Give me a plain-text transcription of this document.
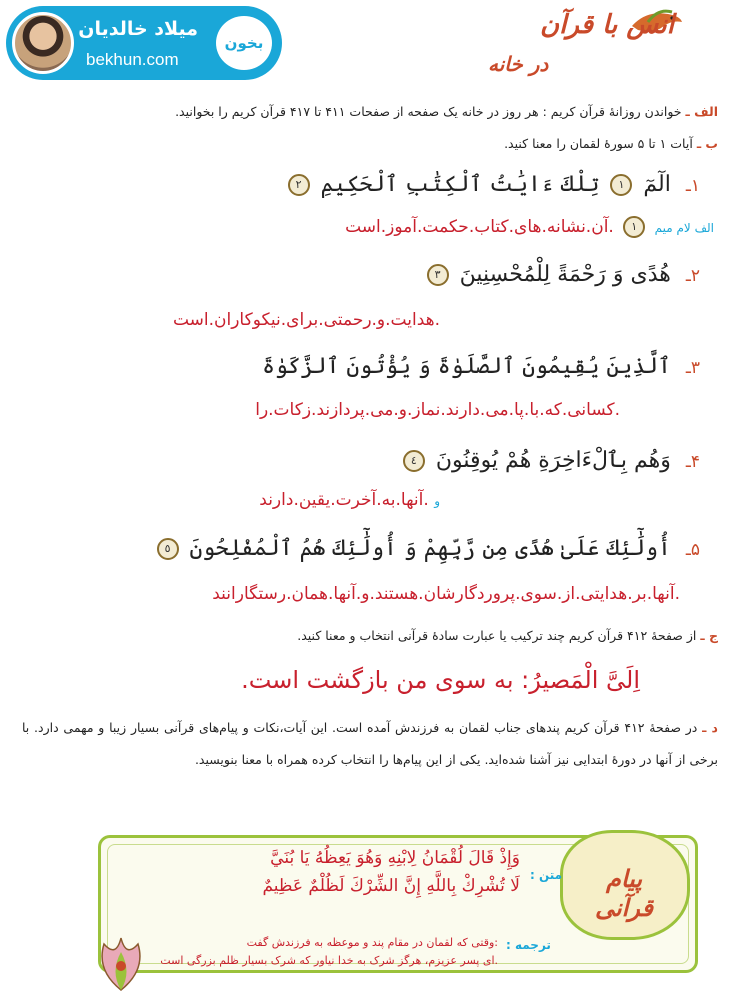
میلاد خالدیان
bekhun.com
بخون
انس با قرآن
در خانه
الف ـ خواندن روزانهٔ قرآن کریم : هر روز در خانه یک صفحه از صفحات ۴۱۱ تا ۴۱۷ قرآن کریم را بخوانید.
ب ـ آیات ۱ تا ۵ سورهٔ لقمان را معنا کنید.
۱ـ الٓمٓ ١ تِلْكَ ءَايَٰتُ ٱلْكِتَٰبِ ٱلْحَكِيمِ ٢
الف لام میم ١ .آن.نشانه.های.کتاب.حکمت.آموز.است
۲ـ هُدًى وَ رَحْمَةً لِلْمُحْسِنِينَ ٣
.هدایت.و.رحمتی.برای.نیکوکاران.است
۳ـ ٱلَّذِينَ يُقِيمُونَ ٱلصَّلَوٰةَ وَ يُؤْتُونَ ٱلزَّكَوٰةَ
.کسانی.که.با.پا.می.دارند.نماز.و.می.پردازند.زکات.را
۴ـ وَهُم بِٱلْءَاخِرَةِ هُمْ يُوقِنُونَ ٤
و .آنها.به.آخرت.یقین.دارند
۵ـ أُولَٰٓئِكَ عَلَىٰ هُدًى مِن رَّبِّهِمْ وَ أُولَٰٓئِكَ هُمُ ٱلْمُفْلِحُونَ ٥
.آنها.بر.هدایتی.از.سوی.پروردگارشان.هستند.و.آنها.همان.رستگارانند
ج ـ از صفحهٔ ۴۱۲ قرآن کریم چند ترکیب یا عبارت سادهٔ قرآنی انتخاب و معنا کنید.
اِلَیَّ الْمَصیرُ: به سوی من بازگشت است.
د ـ در صفحهٔ ۴۱۲ قرآن کریم پندهای جناب لقمان به فرزندش آمده است. این آیات،نکات و پیام‌های قرآنی بسیار زیبا و مهمی دارد. با برخی از آنها در دورهٔ ابتدایی نیز آشنا شده‌اید. یکی از این پیام‌ها را انتخاب کرده همراه با معنا بنویسید.
پیام قرآنی
متن :
وَإِذْ قَالَ لُقْمَانُ لِابْنِهِ وَهُوَ يَعِظُهُ يَا بُنَيَّ
لَا تُشْرِكْ بِاللَّهِ إِنَّ الشِّرْكَ لَظُلْمٌ عَظِيمٌ
ترجمه :
:وقتی که لقمان در مقام پند و موعظه به فرزندش گفت
.ای پسر عزیزم، هرگز شرک به خدا نیاور که شرک بسیار ظلم بزرگی است
